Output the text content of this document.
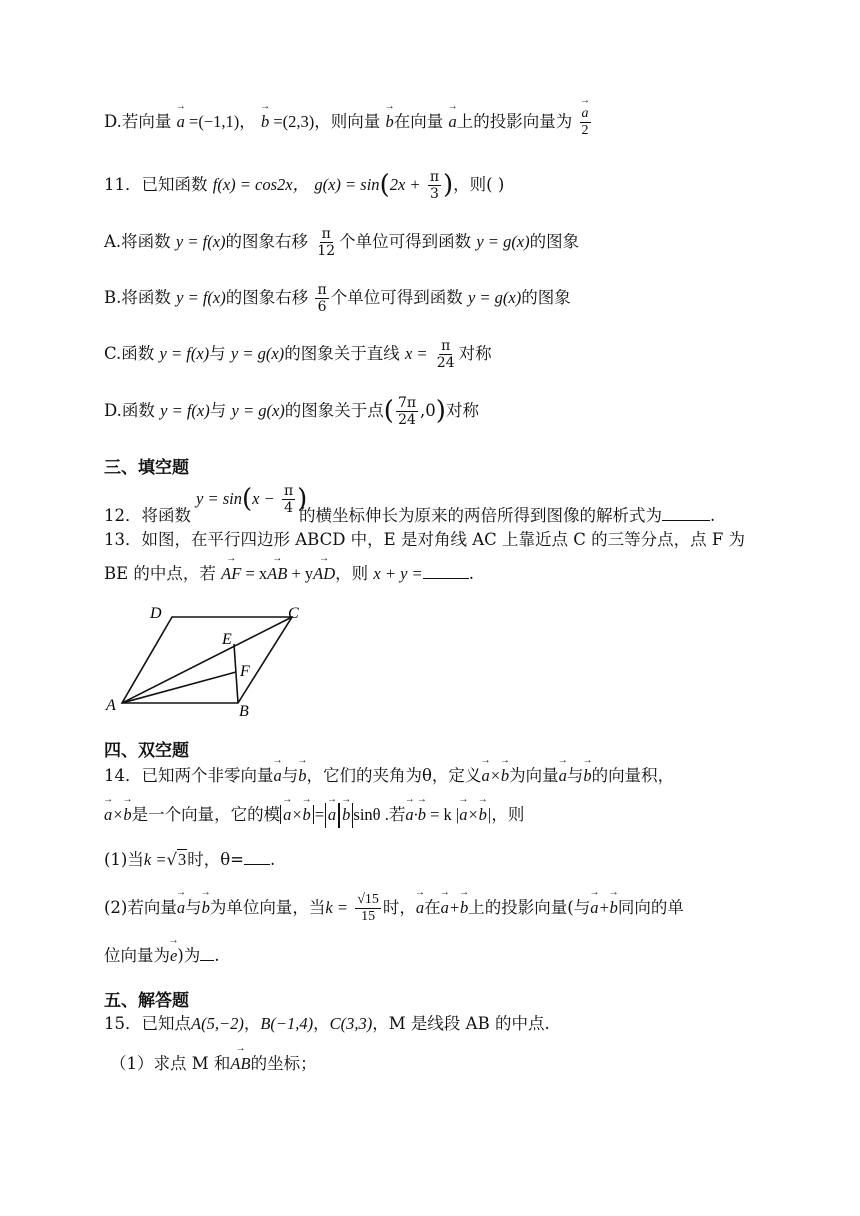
D.若向量 → a =(−1,1)， → b =(2,3)，则向量 → b在向量 → a上的投影向量为 → $\frac{a}{2}$
11．已知函数 f(x) = cos2x， $g(x) = \sin(2x + \frac{\pi}{3}$ )，则( )
A.将函数 y = f(x)的图象右移 $\frac{\pi}{12}$ 个单位可得到函数 y = g(x)的图象
B.将函数 y = f(x)的图象右移 $\frac{\pi}{6}$ 个单位可得到函数 y = g(x)的图象
C.函数 y = f(x)与 y = g(x)的图象关于直线 $x = \frac{\pi}{24}$ 对称
D.函数 y = f(x)与 y = g(x)的图象关于点( $\frac{7\pi}{24} ,0$)对称
三、填空题
$y = \sin(x - \frac{\pi}{4}$ )
12．将函数	的横坐标伸长为原来的两倍所得到图像的解析式为	.
13．如图，在平行四边形 ABCD 中，E 是对角线 AC 上靠近点 C 的三等分点，点 F 为
BE 的中点，若 → AF = x→ AB + y→ AD，则 x + y =	.
D	C
E
F
A	B
四、双空题
14．已知两个非零向量→ a与→ b，它们的夹角为θ，定义→ a×→ b为向量→ a与→ b的向量积，
→ a×→ b是一个向量，它的模 → a×→ b = → a → b sinθ .若→ a·→ b = k |→ a×→ b|，则
(1)当k =√3时，θ= .
(2)若向量→ a与→ b为单位向量，当$k = \frac{√15}{15}$ 时，→ a在→ a+→ b上的投影向量(与→ a+→ b同向的单
位向量为→ e)为 .
五、解答题
15．已知点A(5,−2)，B(−1,4)，C(3,3)，M 是线段 AB 的中点.
（1）求点 M 和→ AB的坐标；
